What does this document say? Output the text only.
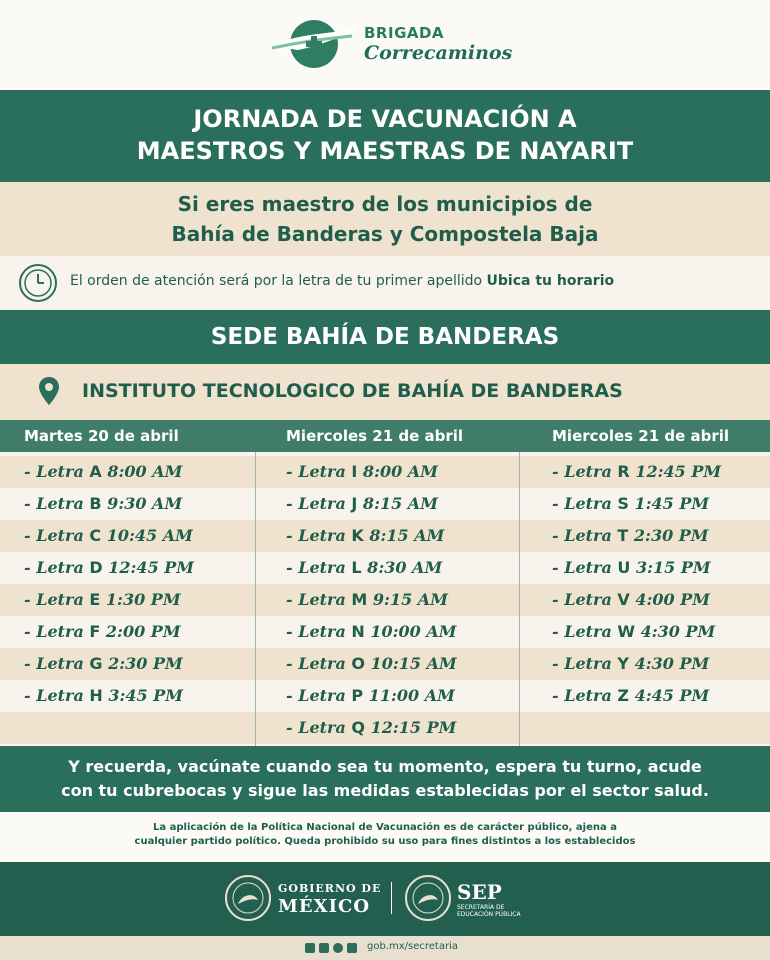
BRIGADA
Correcaminos
JORNADA DE VACUNACIÓN A
MAESTROS Y MAESTRAS DE NAYARIT
Si eres maestro de los municipios de
Bahía de Banderas y Compostela Baja
El orden de atención será por la letra de tu primer apellido Ubica tu horario
SEDE BAHÍA DE BANDERAS
INSTITUTO TECNOLOGICO DE BAHÍA DE BANDERAS
Martes 20 de abril
- Letra A 8:00 AM
- Letra B 9:30 AM
- Letra C 10:45 AM
- Letra D 12:45 PM
- Letra E 1:30 PM
- Letra F 2:00 PM
- Letra G 2:30 PM
- Letra H 3:45 PM
Miercoles 21 de abril
- Letra I 8:00 AM
- Letra J 8:15 AM
- Letra K 8:15 AM
- Letra L 8:30 AM
- Letra M 9:15 AM
- Letra N 10:00 AM
- Letra O 10:15 AM
- Letra P 11:00 AM
- Letra Q 12:15 PM
Miercoles 21 de abril
- Letra R 12:45 PM
- Letra S 1:45 PM
- Letra T 2:30 PM
- Letra U 3:15 PM
- Letra V 4:00 PM
- Letra W 4:30 PM
- Letra Y 4:30 PM
- Letra Z 4:45 PM
Y recuerda, vacúnate cuando sea tu momento, espera tu turno, acude
con tu cubrebocas y sigue las medidas establecidas por el sector salud.
La aplicación de la Política Nacional de Vacunación es de carácter público, ajena a
cualquier partido político. Queda prohibido su uso para fines distintos a los establecidos
GOBIERNO DE
MÉXICO
SEP
SECRETARÍA DE EDUCACIÓN PÚBLICA
gob.mx/secretaria
